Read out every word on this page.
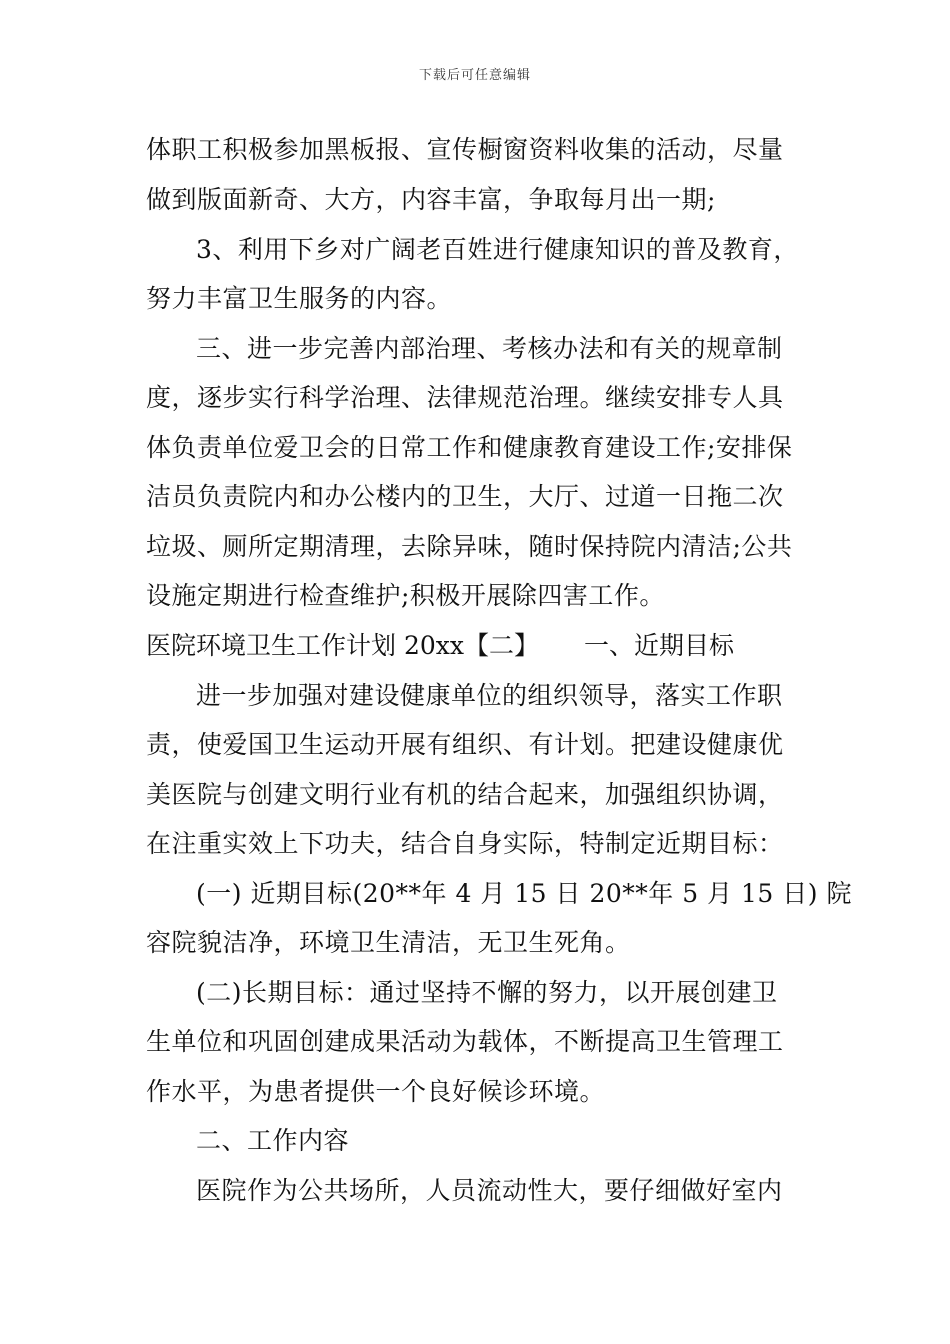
下载后可任意编辑
体职工积极参加黑板报、宣传橱窗资料收集的活动，尽量
做到版面新奇、大方，内容丰富，争取每月出一期;
3、利用下乡对广阔老百姓进行健康知识的普及教育，
努力丰富卫生服务的内容。
三、进一步完善内部治理、考核办法和有关的规章制
度，逐步实行科学治理、法律规范治理。继续安排专人具
体负责单位爱卫会的日常工作和健康教育建设工作;安排保
洁员负责院内和办公楼内的卫生，大厅、过道一日拖二次
垃圾、厕所定期清理，去除异味，随时保持院内清洁;公共
设施定期进行检查维护;积极开展除四害工作。
医院环境卫生工作计划 20xx【二】 一、近期目标
进一步加强对建设健康单位的组织领导，落实工作职
责，使爱国卫生运动开展有组织、有计划。把建设健康优
美医院与创建文明行业有机的结合起来，加强组织协调，
在注重实效上下功夫，结合自身实际，特制定近期目标：
(一) 近期目标(20**年 4 月 15 日 20**年 5 月 15 日) 院
容院貌洁净，环境卫生清洁，无卫生死角。
(二)长期目标：通过坚持不懈的努力，以开展创建卫
生单位和巩固创建成果活动为载体，不断提高卫生管理工
作水平，为患者提供一个良好候诊环境。
二、工作内容
医院作为公共场所，人员流动性大，要仔细做好室内
